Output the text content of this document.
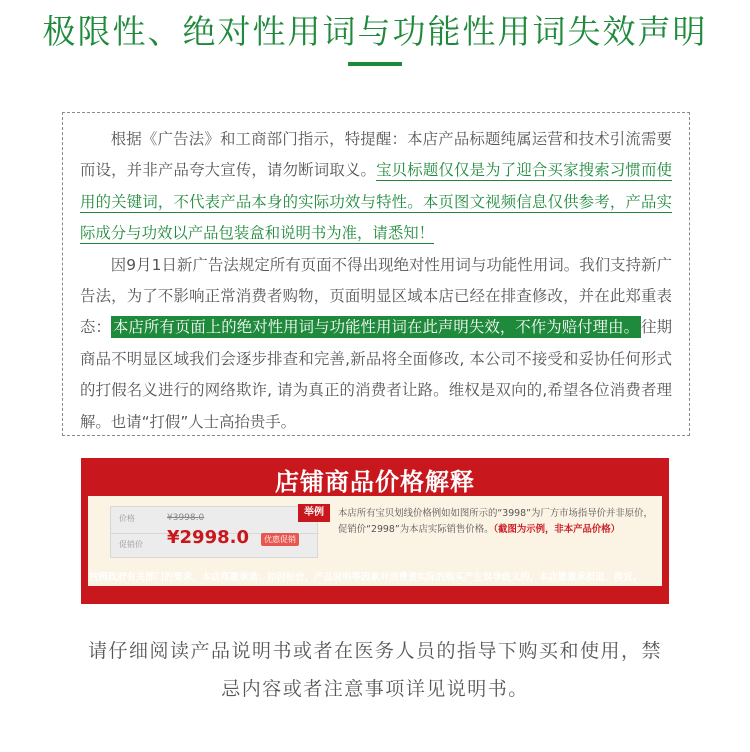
极限性、绝对性用词与功能性用词失效声明

根据《广告法》和工商部门指示，特提醒：本店产品标题纯属运营和技术引流需要而设，并非产品夸大宣传，请勿断词取义。宝贝标题仅仅是为了迎合买家搜索习惯而使用的关键词，不代表产品本身的实际功效与特性。本页图文视频信息仅供参考，产品实际成分与功效以产品包装盒和说明书为准，请悉知！

因9月1日新广告法规定所有页面不得出现绝对性用词与功能性用词。我们支持新广告法，为了不影响正常消费者购物，页面明显区域本店已经在排查修改，并在此郑重表态： 本店所有页面上的绝对性用词与功能性用词在此声明失效，不作为赔付理由。 往期商品不明显区域我们会逐步排查和完善,新品将全面修改, 本公司不接受和妥协任何形式的打假名义进行的网络欺诈, 请为真正的消费者让路。维权是双向的,希望各位消费者理解。也请“打假”人士高抬贵手。

店铺商品价格解释
价格	¥3998.0
促销价 ¥2998.0	优惠促销
举例	本店所有宝贝划线价格例如如图所示的“3998”为厂方市场指导价并非原价，促销价“2998”为本店实际销售价格。（截图为示例，非本产品价格）
按照政府有关部门的要求，本店郑重承诺：如因标价，产品说明等因素对消费者实际的购买产生误导歧义的，本店愿意承担退、换货。
请仔细阅读产品说明书或者在医务人员的指导下购买和使用，禁忌内容或者注意事项详见说明书。
